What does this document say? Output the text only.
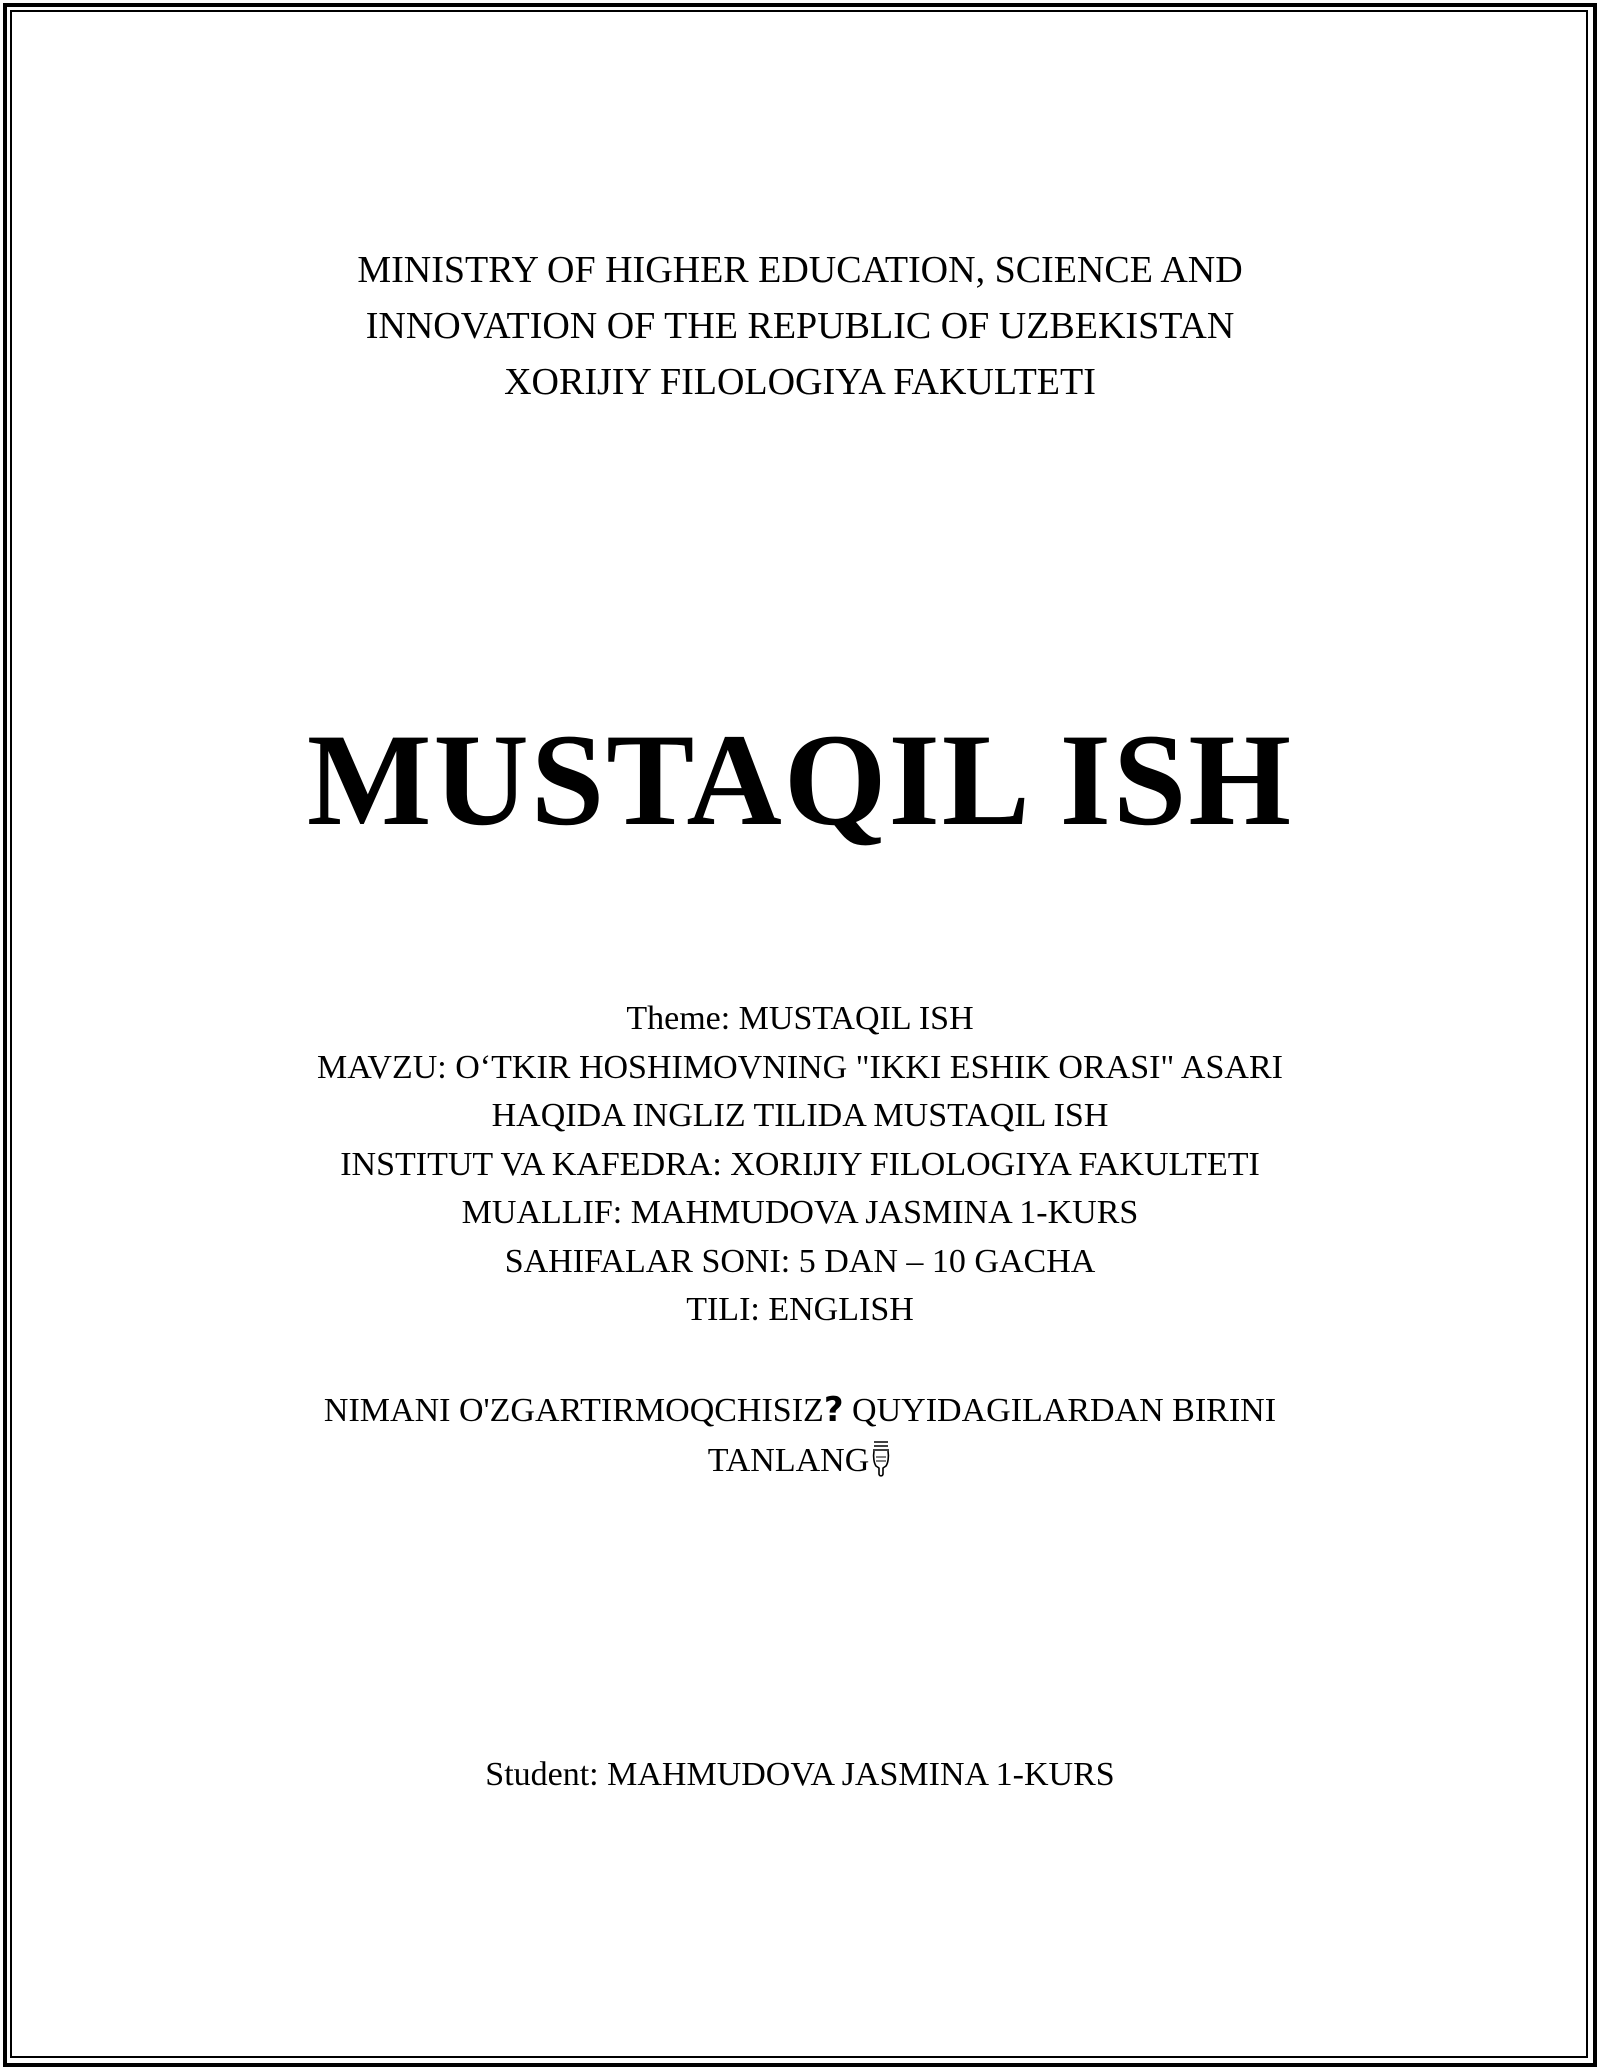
MINISTRY OF HIGHER EDUCATION, SCIENCE AND
INNOVATION OF THE REPUBLIC OF UZBEKISTAN
XORIJIY FILOLOGIYA FAKULTETI
MUSTAQIL ISH
Theme: MUSTAQIL ISH
MAVZU: O‘TKIR HOSHIMOVNING "IKKI ESHIK ORASI" ASARI
HAQIDA INGLIZ TILIDA MUSTAQIL ISH
INSTITUT VA KAFEDRA: XORIJIY FILOLOGIYA FAKULTETI
MUALLIF: MAHMUDOVA JASMINA 1-KURS
SAHIFALAR SONI: 5 DAN – 10 GACHA
TILI: ENGLISH
NIMANI O'ZGARTIRMOQCHISIZ? QUYIDAGILARDAN BIRINI
TANLANG
Student: MAHMUDOVA JASMINA 1-KURS
